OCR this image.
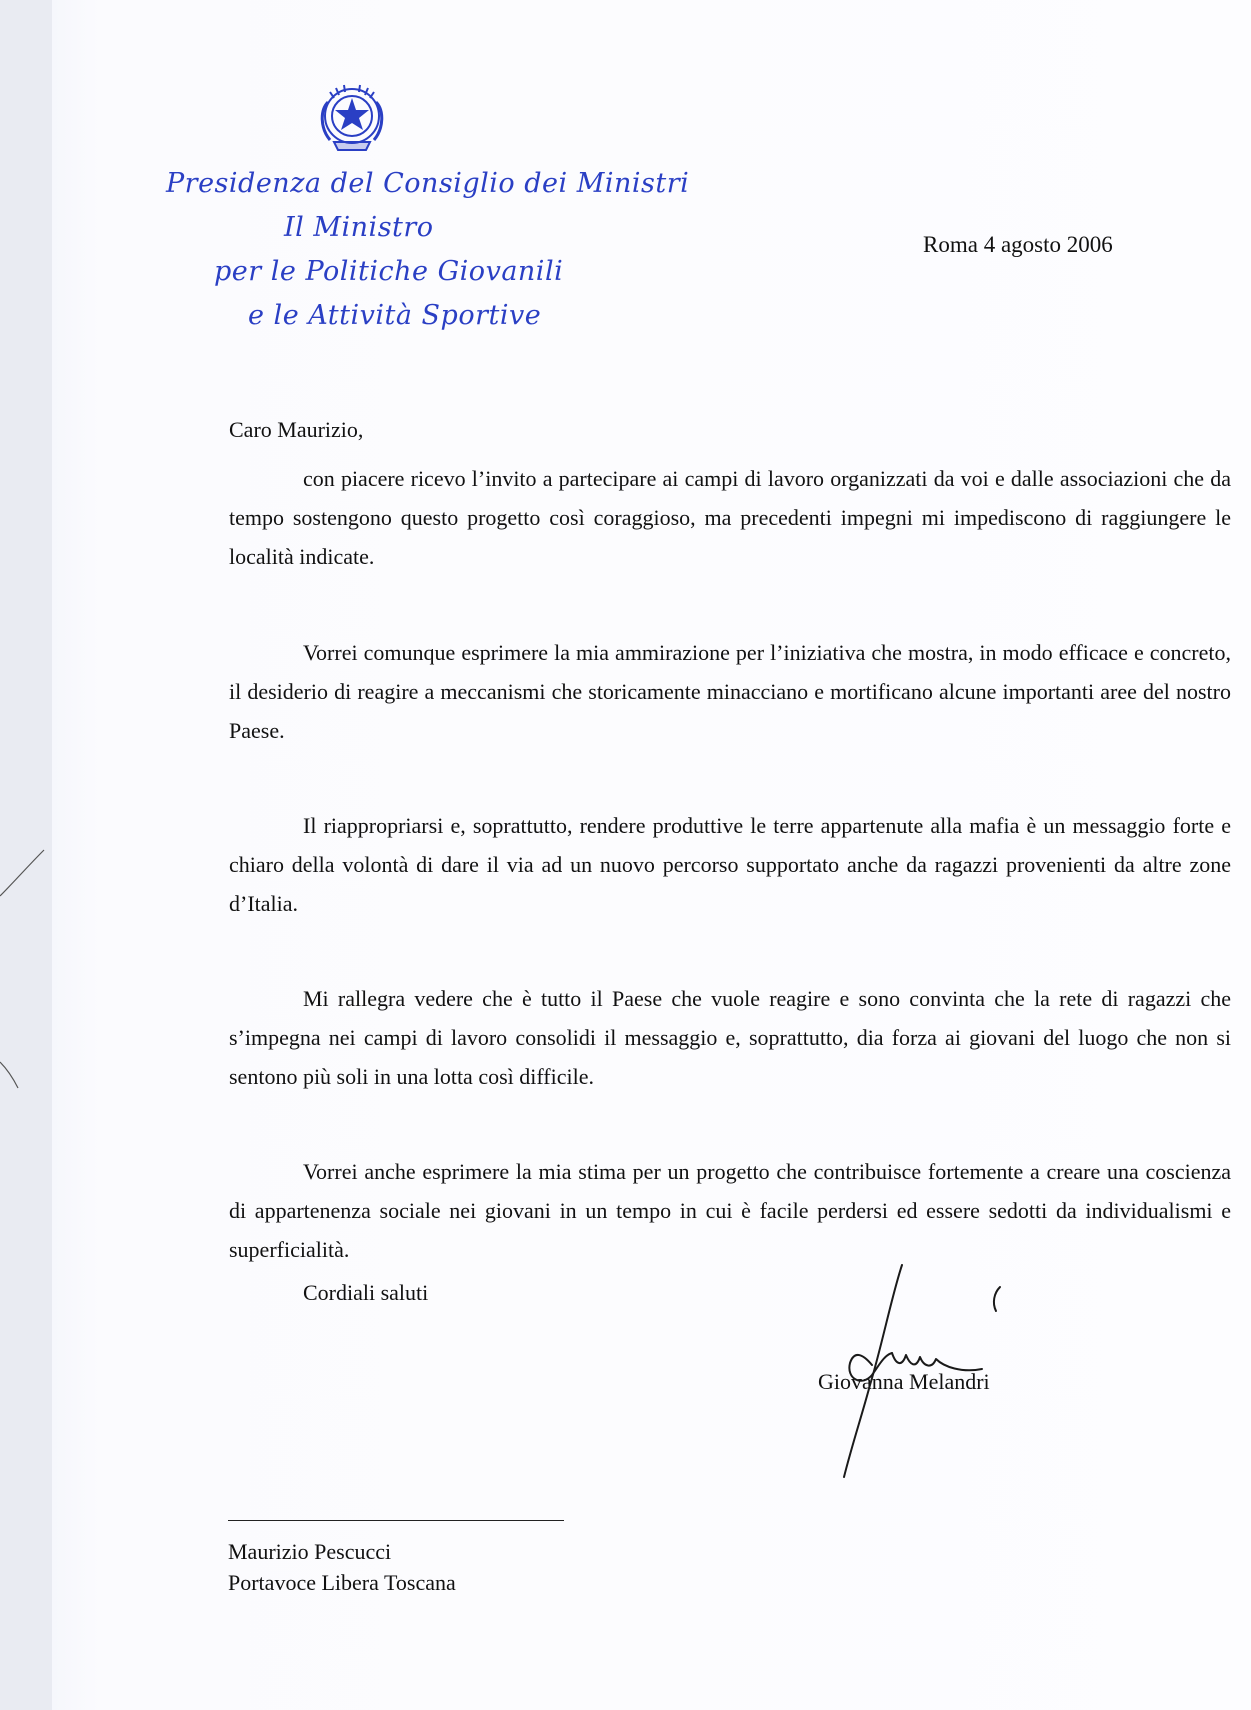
Presidenza del Consiglio dei Ministri
Il Ministro
per le Politiche Giovanili
e le Attività Sportive
Roma 4 agosto 2006
Caro Maurizio,

con piacere ricevo l’invito a partecipare ai campi di lavoro organizzati da voi e dalle associazioni che da tempo sostengono questo progetto così coraggioso, ma precedenti impegni mi impediscono di raggiungere le località indicate.

Vorrei comunque esprimere la mia ammirazione per l’iniziativa che mostra, in modo efficace e concreto, il desiderio di reagire a meccanismi che storicamente minacciano e mortificano alcune importanti aree del nostro Paese.

Il riappropriarsi e, soprattutto, rendere produttive le terre appartenute alla mafia è un messaggio forte e chiaro della volontà di dare il via ad un nuovo percorso supportato anche da ragazzi provenienti da altre zone d’Italia.

Mi rallegra vedere che è tutto il Paese che vuole reagire e sono convinta che la rete di ragazzi che s’impegna nei campi di lavoro consolidi il messaggio e, soprattutto, dia forza ai giovani del luogo che non si sentono più soli in una lotta così difficile.

Vorrei anche esprimere la mia stima per un progetto che contribuisce fortemente a creare una coscienza di appartenenza sociale nei giovani in un tempo in cui è facile perdersi ed essere sedotti da individualismi e superficialità.

Cordiali saluti
Giovanna Melandri
Maurizio Pescucci
Portavoce Libera Toscana
